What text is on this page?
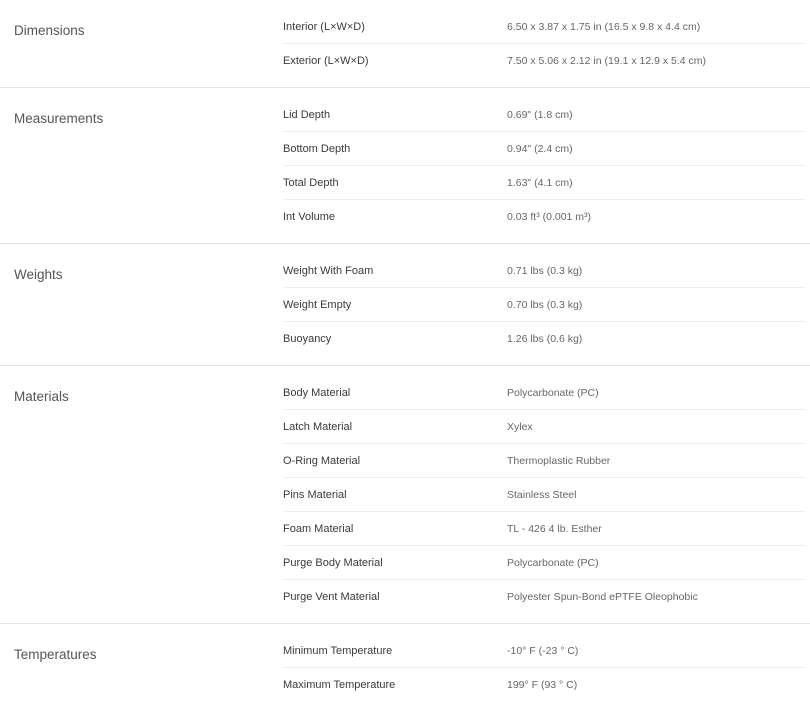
Dimensions	Interior (L×W×D)	6.50 x 3.87 x 1.75 in (16.5 x 9.8 x 4.4 cm)
Exterior (L×W×D)	7.50 x 5.06 x 2.12 in (19.1 x 12.9 x 5.4 cm)
Measurements	Lid Depth	0.69" (1.8 cm)
Bottom Depth	0.94" (2.4 cm)
Total Depth	1.63" (4.1 cm)
Int Volume	0.03 ft³ (0.001 m³)
Weights	Weight With Foam	0.71 lbs (0.3 kg)
Weight Empty	0.70 lbs (0.3 kg)
Buoyancy	1.26 lbs (0.6 kg)
Materials	Body Material	Polycarbonate (PC)
Latch Material	Xylex
O-Ring Material	Thermoplastic Rubber
Pins Material	Stainless Steel
Foam Material	TL - 426 4 lb. Esther
Purge Body Material	Polycarbonate (PC)
Purge Vent Material	Polyester Spun-Bond ePTFE Oleophobic
Temperatures	Minimum Temperature	-10° F (-23 ° C)
Maximum Temperature	199° F (93 ° C)
